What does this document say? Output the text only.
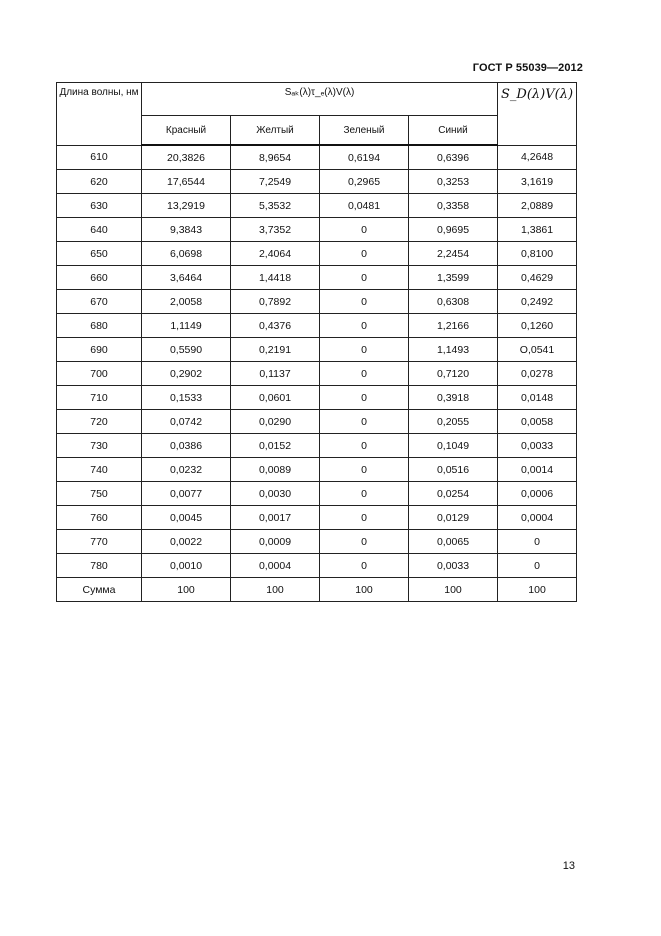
ГОСТ Р 55039—2012
Длина волны, нм	Sₐₖ(λ)τ_ₑ(λ)V(λ)				S_D(λ)V(λ)
	Красный	Желтый	Зеленый	Синий	
610	20,3826	8,9654	0,6194	0,6396	4,2648
620	17,6544	7,2549	0,2965	0,3253	3,1619
630	13,2919	5,3532	0,0481	0,3358	2,0889
640	9,3843	3,7352	0	0,9695	1,3861
650	6,0698	2,4064	0	2,2454	0,8100
660	3,6464	1,4418	0	1,3599	0,4629
670	2,0058	0,7892	0	0,6308	0,2492
680	1,1149	0,4376	0	1,2166	0,1260
690	0,5590	0,2191	0	1,1493	O,0541
700	0,2902	0,1137	0	0,7120	0,0278
710	0,1533	0,0601	0	0,3918	0,0148
720	0,0742	0,0290	0	0,2055	0,0058
730	0,0386	0,0152	0	0,1049	0,0033
740	0,0232	0,0089	0	0,0516	0,0014
750	0,0077	0,0030	0	0,0254	0,0006
760	0,0045	0,0017	0	0,0129	0,0004
770	0,0022	0,0009	0	0,0065	0
780	0,0010	0,0004	0	0,0033	0
Сумма	100	100	100	100	100
13
